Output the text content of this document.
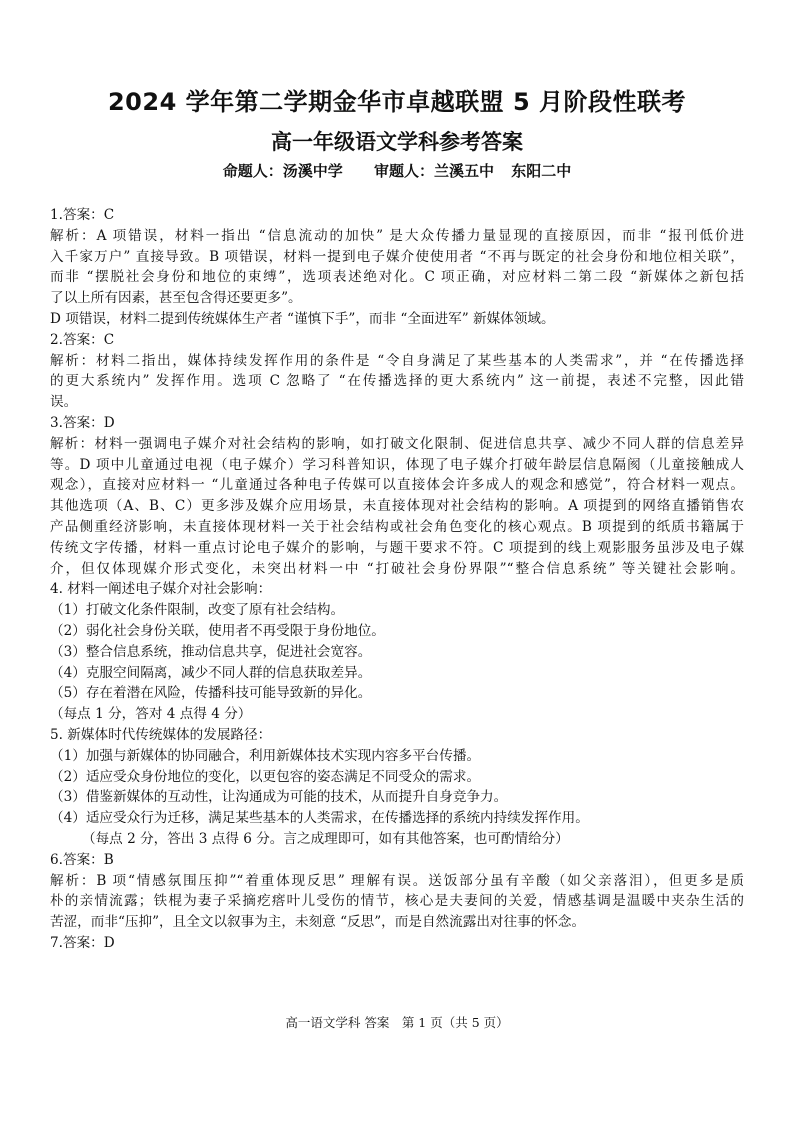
2024 学年第二学期金华市卓越联盟 5 月阶段性联考
高一年级语文学科参考答案
命题人：汤溪中学 审题人：兰溪五中 东阳二中

1.答案：C

解析：A 项错误，材料一指出 “信息流动的加快” 是大众传播力量显现的直接原因，而非 “报刊低价进

入千家万户” 直接导致。B 项错误，材料一提到电子媒介使使用者 “不再与既定的社会身份和地位相关联”，

而非 “摆脱社会身份和地位的束缚”，选项表述绝对化。C 项正确，对应材料二第二段 “新媒体之新包括

了以上所有因素，甚至包含得还要更多”。

D 项错误，材料二提到传统媒体生产者 “谨慎下手”，而非 “全面进军” 新媒体领域。

2.答案：C

解析：材料二指出，媒体持续发挥作用的条件是 “令自身满足了某些基本的人类需求”，并 “在传播选择

的更大系统内” 发挥作用。选项 C 忽略了 “在传播选择的更大系统内” 这一前提，表述不完整，因此错

误。

3.答案：D

解析：材料一强调电子媒介对社会结构的影响，如打破文化限制、促进信息共享、减少不同人群的信息差异

等。D 项中儿童通过电视（电子媒介）学习科普知识，体现了电子媒介打破年龄层信息隔阂（儿童接触成人

观念），直接对应材料一 “儿童通过各种电子传媒可以直接体会许多成人的观念和感觉”，符合材料一观点。

其他选项（A、B、C）更多涉及媒介应用场景，未直接体现对社会结构的影响。A 项提到的网络直播销售农

产品侧重经济影响，未直接体现材料一关于社会结构或社会角色变化的核心观点。B 项提到的纸质书籍属于

传统文字传播，材料一重点讨论电子媒介的影响，与题干要求不符。C 项提到的线上观影服务虽涉及电子媒

介，但仅体现媒介形式变化，未突出材料一中 “打破社会身份界限”“整合信息系统” 等关键社会影响。

4. 材料一阐述电子媒介对社会影响：

（1）打破文化条件限制，改变了原有社会结构。

（2）弱化社会身份关联，使用者不再受限于身份地位。

（3）整合信息系统，推动信息共享，促进社会宽容。

（4）克服空间隔离，减少不同人群的信息获取差异。

（5）存在着潜在风险，传播科技可能导致新的异化。

（每点 1 分，答对 4 点得 4 分）

5. 新媒体时代传统媒体的发展路径：

（1）加强与新媒体的协同融合，利用新媒体技术实现内容多平台传播。

（2）适应受众身份地位的变化，以更包容的姿态满足不同受众的需求。

（3）借鉴新媒体的互动性，让沟通成为可能的技术，从而提升自身竞争力。

（4）适应受众行为迁移，满足某些基本的人类需求，在传播选择的系统内持续发挥作用。

（每点 2 分，答出 3 点得 6 分。言之成理即可，如有其他答案，也可酌情给分）

6.答案：B

解析：B 项“情感氛围压抑”“着重体现反思” 理解有误。送饭部分虽有辛酸（如父亲落泪），但更多是质

朴的亲情流露；铁棍为妻子采摘疙瘩叶儿受伤的情节，核心是夫妻间的关爱，情感基调是温暖中夹杂生活的

苦涩，而非“压抑”，且全文以叙事为主，未刻意 “反思”，而是自然流露出对往事的怀念。

7.答案：D

高一语文学科 答案　第 1 页（共 5 页）
